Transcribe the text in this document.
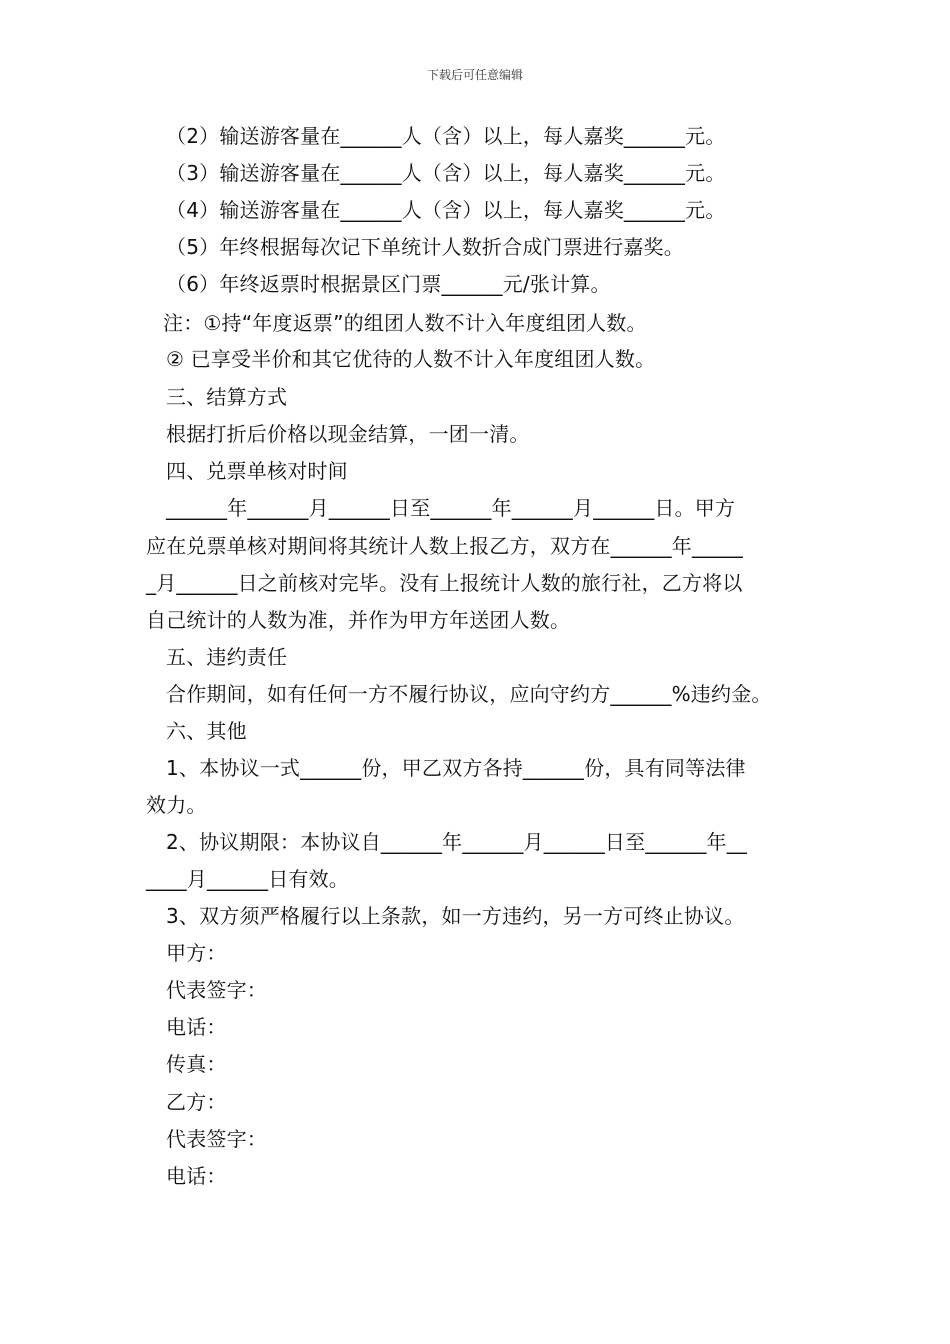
下载后可任意编辑
（2）输送游客量在______人（含）以上，每人嘉奖______元。
（3）输送游客量在______人（含）以上，每人嘉奖______元。
（4）输送游客量在______人（含）以上，每人嘉奖______元。
（5）年终根据每次记下单统计人数折合成门票进行嘉奖。
（6）年终返票时根据景区门票______元/张计算。
注：①持“年度返票”的组团人数不计入年度组团人数。
② 已享受半价和其它优待的人数不计入年度组团人数。
三、结算方式
根据打折后价格以现金结算，一团一清。
四、兑票单核对时间
______年______月______日至______年______月______日。甲方
应在兑票单核对期间将其统计人数上报乙方，双方在______年_____
_月______日之前核对完毕。没有上报统计人数的旅行社，乙方将以
自己统计的人数为准，并作为甲方年送团人数。
五、违约责任
合作期间，如有任何一方不履行协议，应向守约方______%违约金。
六、其他
1、本协议一式______份，甲乙双方各持______份，具有同等法律
效力。
2、协议期限：本协议自______年______月______日至______年__
____月______日有效。
3、双方须严格履行以上条款，如一方违约，另一方可终止协议。
甲方：
代表签字：
电话：
传真：
乙方：
代表签字：
电话：
